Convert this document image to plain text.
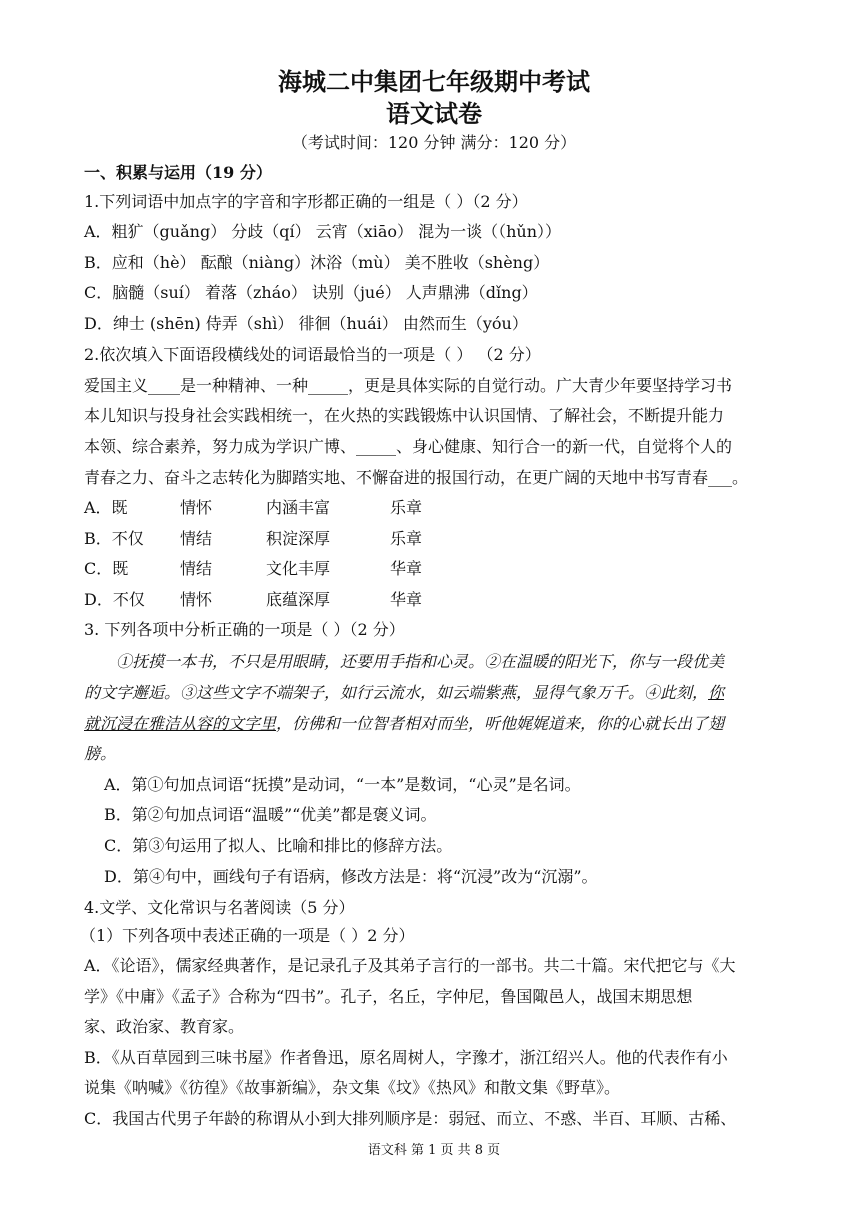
海城二中集团七年级期中考试
语文试卷
（考试时间：120 分钟 满分：120 分）
一、积累与运用（19 分）
1.下列词语中加点字的字音和字形都正确的一组是（ ）（2 分）
A．粗犷（guǎng） 分歧（qí） 云宵（xiāo） 混为一谈（（hǔn））
B．应和（hè） 酝酿（niàng）沐浴（mù） 美不胜收（shèng）
C．脑髓（suí） 着落（zháo） 诀别（jué） 人声鼎沸（dǐng）
D．绅士 (shēn) 侍弄（shì） 徘徊（huái） 由然而生（yóu）
2.依次填入下面语段横线处的词语最恰当的一项是（ ） （2 分）
爱国主义____是一种精神、一种_____，更是具体实际的自觉行动。广大青少年要坚持学习书
本儿知识与投身社会实践相统一，在火热的实践锻炼中认识国情、了解社会，不断提升能力
本领、综合素养，努力成为学识广博、_____、身心健康、知行合一的新一代，自觉将个人的
青春之力、奋斗之志转化为脚踏实地、不懈奋进的报国行动，在更广阔的天地中书写青春___。
A．既	情怀	内涵丰富	乐章
B．不仅 情结	积淀深厚	乐章
C．既	情结	文化丰厚	华章
D．不仅 情怀	底蕴深厚	华章
3. 下列各项中分析正确的一项是（ ）（2 分）
①抚摸一本书，不只是用眼睛，还要用手指和心灵。②在温暖的阳光下，你与一段优美
的文字邂逅。③这些文字不端架子，如行云流水，如云端紫燕，显得气象万千。④此刻，你
就沉浸在雅洁从容的文字里，仿佛和一位智者相对而坐，听他娓娓道来，你的心就长出了翅
膀。
A．第①句加点词语“抚摸”是动词，“一本”是数词，“心灵”是名词。
B．第②句加点词语“温暖”“优美”都是褒义词。
C．第③句运用了拟人、比喻和排比的修辞方法。
D．第④句中，画线句子有语病，修改方法是：将“沉浸”改为“沉溺”。
4.文学、文化常识与名著阅读（5 分）
（1）下列各项中表述正确的一项是（ ）2 分）
A．《论语》，儒家经典著作，是记录孔子及其弟子言行的一部书。共二十篇。宋代把它与《大
学》《中庸》《孟子》合称为“四书”。孔子，名丘，字仲尼，鲁国陬邑人，战国末期思想
家、政治家、教育家。
B．《从百草园到三味书屋》作者鲁迅，原名周树人，字豫才，浙江绍兴人。他的代表作有小
说集《呐喊》《彷徨》《故事新编》，杂文集《坟》《热风》和散文集《野草》。
C．我国古代男子年龄的称谓从小到大排列顺序是：弱冠、而立、不惑、半百、耳顺、古稀、
语文科 第 1 页 共 8 页
